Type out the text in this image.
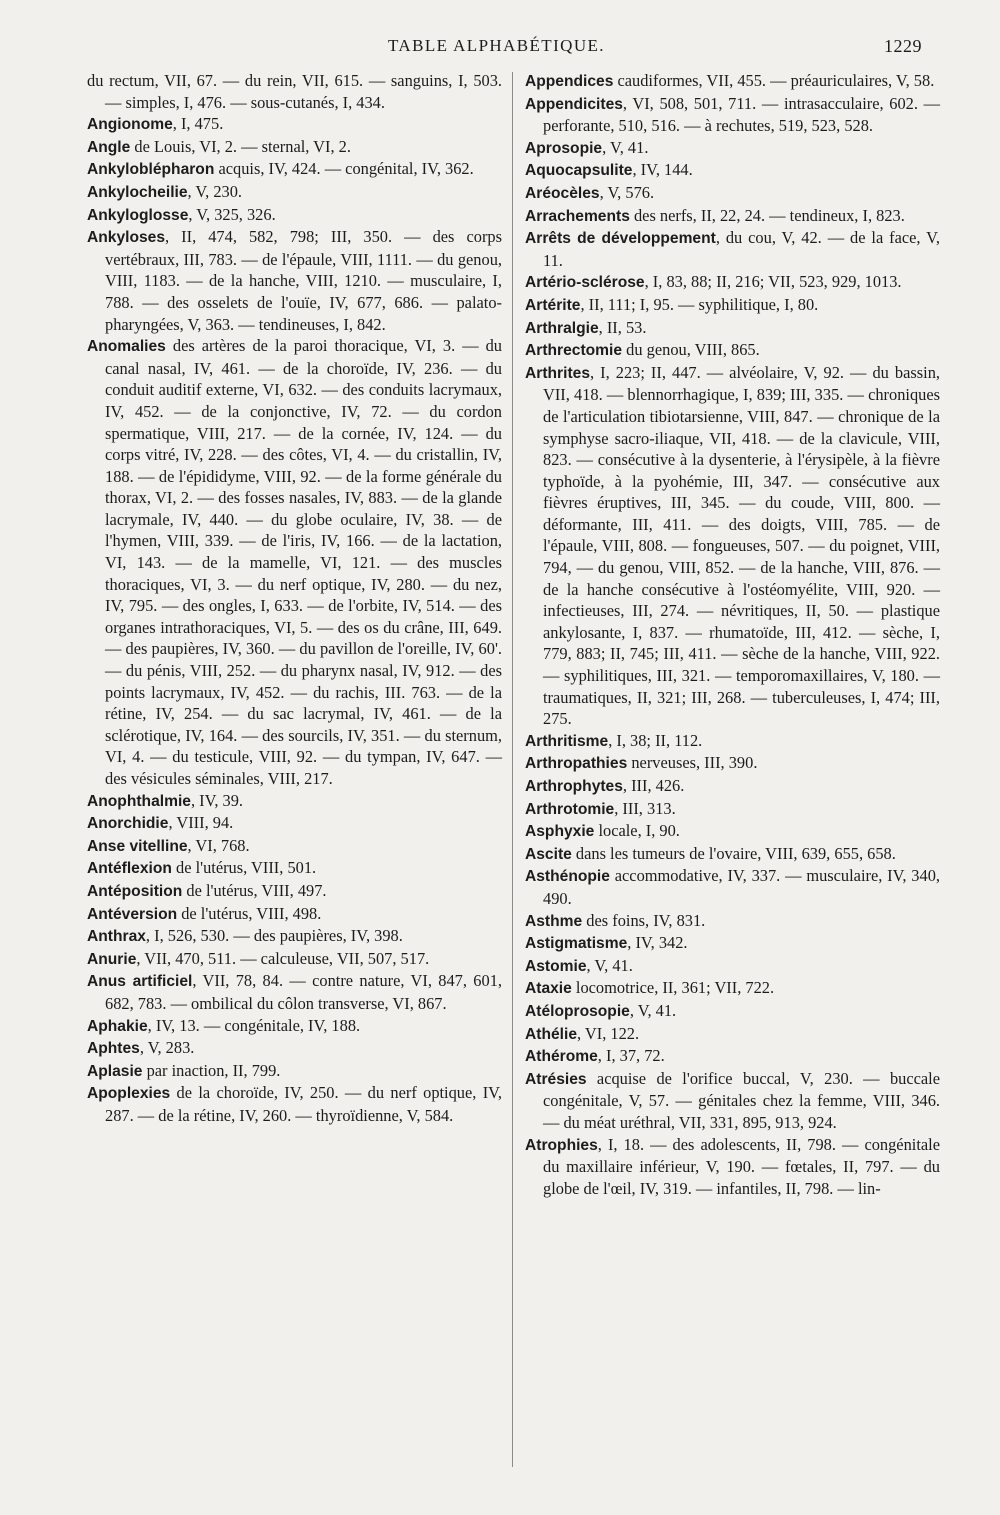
TABLE ALPHABÉTIQUE.	1229

du rectum, VII, 67. — du rein, VII, 615. — sanguins, I, 503. — simples, I, 476. — sous-cutanés, I, 434.

Angionome, I, 475.

Angle de Louis, VI, 2. — sternal, VI, 2.

Ankyloblépharon acquis, IV, 424. — congénital, IV, 362.

Ankylocheilie, V, 230.

Ankyloglosse, V, 325, 326.

Ankyloses, II, 474, 582, 798; III, 350. — des corps vertébraux, III, 783. — de l'épaule, VIII, 1111. — du genou, VIII, 1183. — de la hanche, VIII, 1210. — musculaire, I, 788. — des osselets de l'ouïe, IV, 677, 686. — palato-pharyngées, V, 363. — tendineuses, I, 842.

Anomalies des artères de la paroi thoracique, VI, 3. — du canal nasal, IV, 461. — de la choroïde, IV, 236. — du conduit auditif externe, VI, 632. — des conduits lacrymaux, IV, 452. — de la conjonctive, IV, 72. — du cordon spermatique, VIII, 217. — de la cornée, IV, 124. — du corps vitré, IV, 228. — des côtes, VI, 4. — du cristallin, IV, 188. — de l'épididyme, VIII, 92. — de la forme générale du thorax, VI, 2. — des fosses nasales, IV, 883. — de la glande lacrymale, IV, 440. — du globe oculaire, IV, 38. — de l'hymen, VIII, 339. — de l'iris, IV, 166. — de la lactation, VI, 143. — de la mamelle, VI, 121. — des muscles thoraciques, VI, 3. — du nerf optique, IV, 280. — du nez, IV, 795. — des ongles, I, 633. — de l'orbite, IV, 514. — des organes intrathoraciques, VI, 5. — des os du crâne, III, 649. — des paupières, IV, 360. — du pavillon de l'oreille, IV, 60'. — du pénis, VIII, 252. — du pharynx nasal, IV, 912. — des points lacrymaux, IV, 452. — du rachis, III. 763. — de la rétine, IV, 254. — du sac lacrymal, IV, 461. — de la sclérotique, IV, 164. — des sourcils, IV, 351. — du sternum, VI, 4. — du testicule, VIII, 92. — du tympan, IV, 647. — des vésicules séminales, VIII, 217.

Anophthalmie, IV, 39.

Anorchidie, VIII, 94.

Anse vitelline, VI, 768.

Antéflexion de l'utérus, VIII, 501.

Antéposition de l'utérus, VIII, 497.

Antéversion de l'utérus, VIII, 498.

Anthrax, I, 526, 530. — des paupières, IV, 398.

Anurie, VII, 470, 511. — calculeuse, VII, 507, 517.

Anus artificiel, VII, 78, 84. — contre nature, VI, 847, 601, 682, 783. — ombilical du côlon transverse, VI, 867.

Aphakie, IV, 13. — congénitale, IV, 188.

Aphtes, V, 283.

Aplasie par inaction, II, 799.

Apoplexies de la choroïde, IV, 250. — du nerf optique, IV, 287. — de la rétine, IV, 260. — thyroïdienne, V, 584.

Appendices caudiformes, VII, 455. — préauriculaires, V, 58.

Appendicites, VI, 508, 501, 711. — intrasacculaire, 602. — perforante, 510, 516. — à rechutes, 519, 523, 528.

Aprosopie, V, 41.

Aquocapsulite, IV, 144.

Aréocèles, V, 576.

Arrachements des nerfs, II, 22, 24. — tendineux, I, 823.

Arrêts de développement, du cou, V, 42. — de la face, V, 11.

Artério-sclérose, I, 83, 88; II, 216; VII, 523, 929, 1013.

Artérite, II, 111; I, 95. — syphilitique, I, 80.

Arthralgie, II, 53.

Arthrectomie du genou, VIII, 865.

Arthrites, I, 223; II, 447. — alvéolaire, V, 92. — du bassin, VII, 418. — blennorrhagique, I, 839; III, 335. — chroniques de l'articulation tibiotarsienne, VIII, 847. — chronique de la symphyse sacro-iliaque, VII, 418. — de la clavicule, VIII, 823. — consécutive à la dysenterie, à l'érysipèle, à la fièvre typhoïde, à la pyohémie, III, 347. — consécutive aux fièvres éruptives, III, 345. — du coude, VIII, 800. — déformante, III, 411. — des doigts, VIII, 785. — de l'épaule, VIII, 808. — fongueuses, 507. — du poignet, VIII, 794, — du genou, VIII, 852. — de la hanche, VIII, 876. — de la hanche consécutive à l'ostéomyélite, VIII, 920. — infectieuses, III, 274. — névritiques, II, 50. — plastique ankylosante, I, 837. — rhumatoïde, III, 412. — sèche, I, 779, 883; II, 745; III, 411. — sèche de la hanche, VIII, 922. — syphilitiques, III, 321. — temporomaxillaires, V, 180. — traumatiques, II, 321; III, 268. — tuberculeuses, I, 474; III, 275.

Arthritisme, I, 38; II, 112.

Arthropathies nerveuses, III, 390.

Arthrophytes, III, 426.

Arthrotomie, III, 313.

Asphyxie locale, I, 90.

Ascite dans les tumeurs de l'ovaire, VIII, 639, 655, 658.

Asthénopie accommodative, IV, 337. — musculaire, IV, 340, 490.

Asthme des foins, IV, 831.

Astigmatisme, IV, 342.

Astomie, V, 41.

Ataxie locomotrice, II, 361; VII, 722.

Atéloprosopie, V, 41.

Athélie, VI, 122.

Athérome, I, 37, 72.

Atrésies acquise de l'orifice buccal, V, 230. — buccale congénitale, V, 57. — génitales chez la femme, VIII, 346. — du méat uréthral, VII, 331, 895, 913, 924.

Atrophies, I, 18. — des adolescents, II, 798. — congénitale du maxillaire inférieur, V, 190. — fœtales, II, 797. — du globe de l'œil, IV, 319. — infantiles, II, 798. — lin-
